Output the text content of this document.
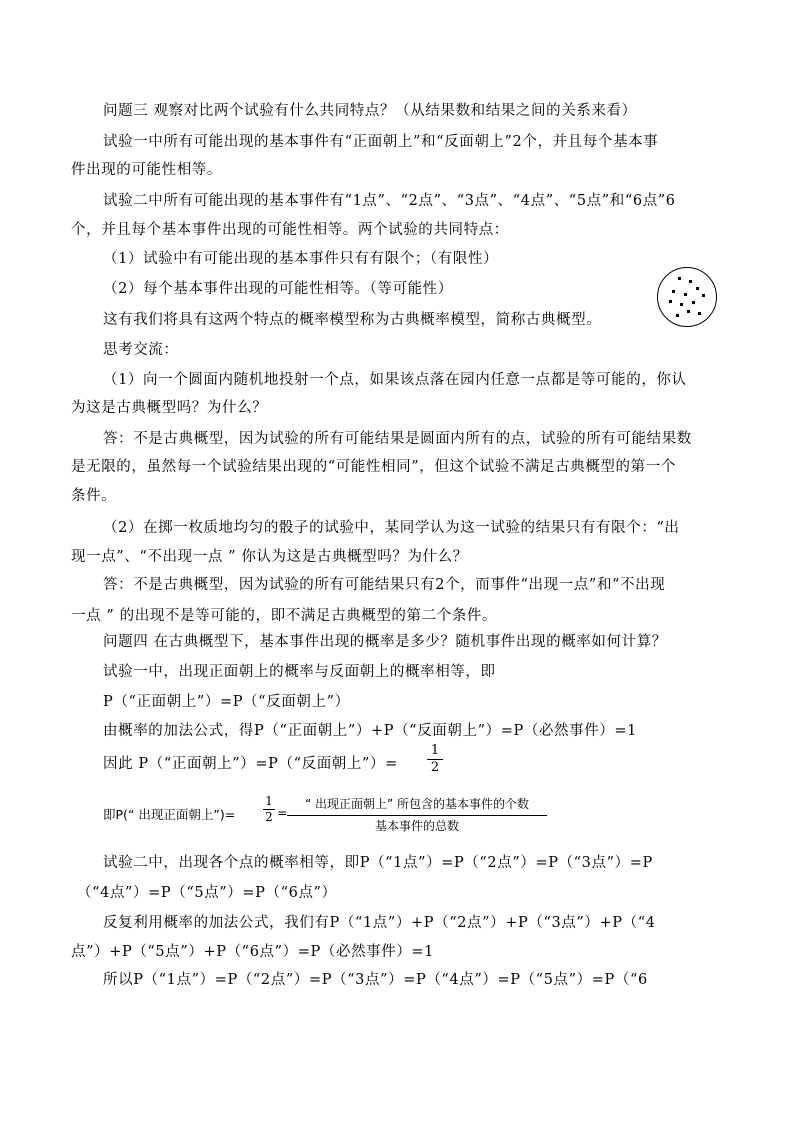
问题三 观察对比两个试验有什么共同特点？（从结果数和结果之间的关系来看）
试验一中所有可能出现的基本事件有“正面朝上”和“反面朝上”2个，并且每个基本事
件出现的可能性相等。
试验二中所有可能出现的基本事件有“1点”、“2点”、“3点”、“4点”、“5点”和“6点”6
个，并且每个基本事件出现的可能性相等。两个试验的共同特点：
（1）试验中有可能出现的基本事件只有有限个；（有限性）
（2）每个基本事件出现的可能性相等。（等可能性）
这有我们将具有这两个特点的概率模型称为古典概率模型，简称古典概型。
思考交流：
（1）向一个圆面内随机地投射一个点，如果该点落在园内任意一点都是等可能的，你认
为这是古典概型吗？为什么？
答：不是古典概型，因为试验的所有可能结果是圆面内所有的点，试验的所有可能结果数
是无限的，虽然每一个试验结果出现的“可能性相同”，但这个试验不满足古典概型的第一个
条件。
（2）在掷一枚质地均匀的骰子的试验中，某同学认为这一试验的结果只有有限个：“出
现一点”、“不出现一点 ” 你认为这是古典概型吗？为什么？
答：不是古典概型，因为试验的所有可能结果只有2个，而事件“出现一点”和“不出现
一点 ” 的出现不是等可能的，即不满足古典概型的第二个条件。
问题四 在古典概型下，基本事件出现的概率是多少？随机事件出现的概率如何计算？
试验一中，出现正面朝上的概率与反面朝上的概率相等，即
P（“正面朝上”）=P（“反面朝上”）
由概率的加法公式，得P（“正面朝上”）+P（“反面朝上”）=P（必然事件）=1
因此 P（“正面朝上”）=P（“反面朝上”）=
1
2
即P(“ 出现正面朝上”)=
1
2 =
“ 出现正面朝上” 所包含的基本事件的个数
基本事件的总数
试验二中，出现各个点的概率相等，即P（“1点”）=P（“2点”）=P（“3点”）=P
（“4点”）=P（“5点”）=P（“6点”）
反复利用概率的加法公式，我们有P（“1点”）+P（“2点”）+P（“3点”）+P（“4
点”）+P（“5点”）+P（“6点”）=P（必然事件）=1
所以P（“1点”）=P（“2点”）=P（“3点”）=P（“4点”）=P（“5点”）=P（“6
